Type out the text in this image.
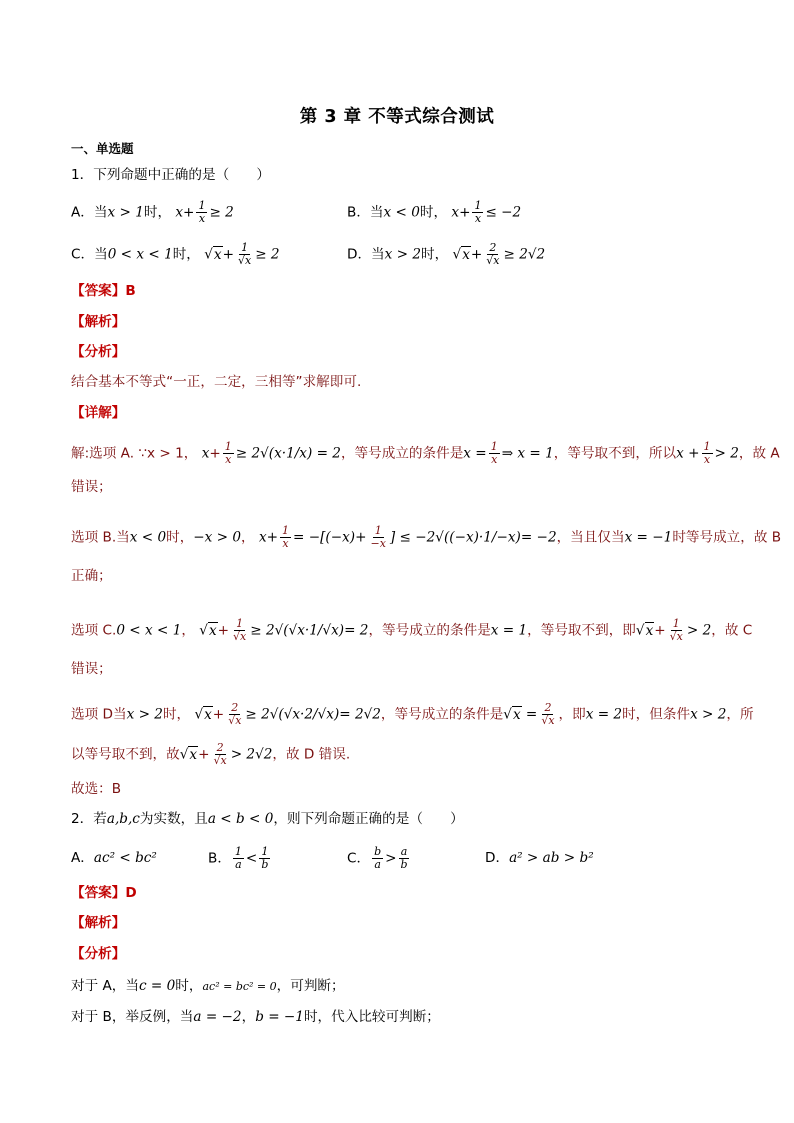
第 3 章 不等式综合测试
一、单选题
1．下列命题中正确的是（　　）
A．当x > 1时， $x+ \frac{1}{x} \ge 2$	B．当x < 0时， $x+ \frac{1}{x} \le -2$
C．当0 < x < 1时， $√x+ \frac{1}{√x} \ge 2$	D．当x > 2时， $√x+ \frac{2}{√x} \ge 2√2$
【答案】B
【解析】
【分析】
结合基本不等式“一正，二定，三相等”求解即可.
【详解】
解:选项 A. ∵x > 1， $x+ \frac{1}{x} \ge 2√(x\cdot 1/x) = 2$，等号成立的条件是$x = \frac{1}{x}$ ⇒ x = 1，等号取不到，所以$x + \frac{1}{x} > 2$，故 A
错误；
选项 B.当x < 0时，−x > 0， $x+ \frac{1}{x} = -[(-x)+ \frac{1}{-x}$ ] ≤ −2√((−x)·1/−x)= −2，当且仅当x = −1时等号成立，故 B
正确；
选项 C.0 < x < 1， $√x+ \frac{1}{√x} \ge 2√(√x\cdot 1/√x)= 2$，等号成立的条件是x = 1，等号取不到，即$√x+ \frac{1}{√x} > 2$，故 C
错误；
选项 D当x > 2时， $√x+ \frac{2}{√x} \ge 2√(√x\cdot 2/√x)= 2√2$，等号成立的条件是$√x = \frac{2}{√x}$ ，即x = 2时，但条件x > 2，所
以等号取不到，故$√x+ \frac{2}{√x} > 2√2$，故 D 错误.
故选：B
2．若a,b,c为实数，且a < b < 0，则下列命题正确的是（　　）
A．ac² < bc²	B． $\frac{1}{a} < \frac{1}{b}$	C． $\frac{b}{a} > \frac{a}{b}$	D．a² > ab > b²
【答案】D
【解析】
【分析】
对于 A，当c = 0时，ac² = bc² = 0，可判断；
对于 B，举反例，当a = −2，b = −1时，代入比较可判断；
